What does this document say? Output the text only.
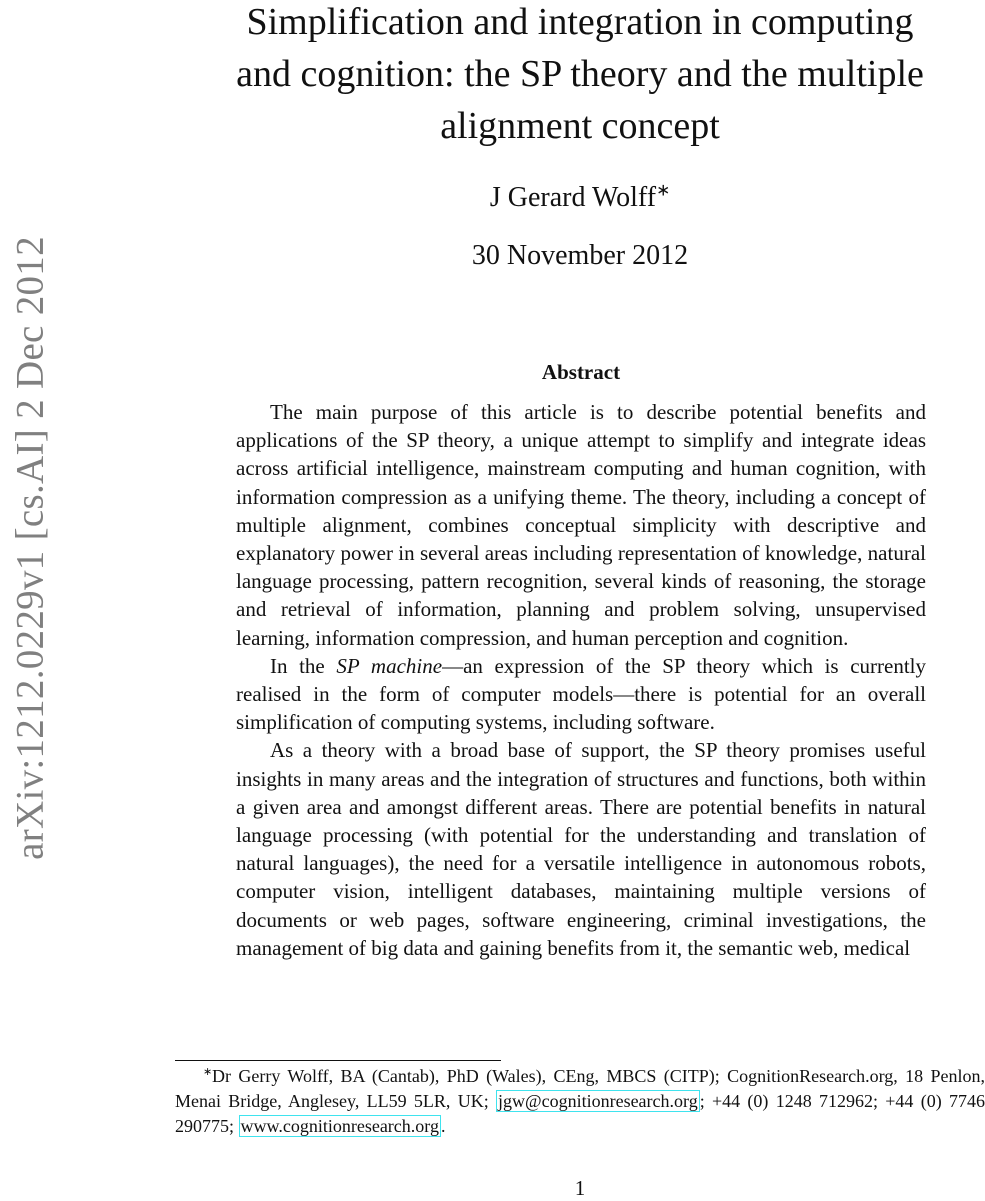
arXiv:1212.0229v1 [cs.AI] 2 Dec 2012
Simplification and integration in computing
and cognition: the SP theory and the multiple
alignment concept
J Gerard Wolff∗
30 November 2012
Abstract

The main purpose of this article is to describe potential benefits and applications of the SP theory, a unique attempt to simplify and integrate ideas across artificial intelligence, mainstream computing and human cognition, with information compression as a unifying theme. The theory, including a concept of multiple alignment, combines conceptual simplicity with descriptive and explanatory power in several areas including representation of knowledge, natural language processing, pattern recognition, several kinds of reasoning, the storage and retrieval of information, planning and problem solving, unsupervised learning, information compression, and human perception and cognition.

In the SP machine—an expression of the SP theory which is currently realised in the form of computer models—there is potential for an overall simplification of computing systems, including software.

As a theory with a broad base of support, the SP theory promises useful insights in many areas and the integration of structures and functions, both within a given area and amongst different areas. There are potential benefits in natural language processing (with potential for the understanding and translation of natural languages), the need for a versatile intelligence in autonomous robots, computer vision, intelligent databases, maintaining multiple versions of documents or web pages, software engineering, criminal investigations, the management of big data and gaining benefits from it, the semantic web, medical

∗Dr Gerry Wolff, BA (Cantab), PhD (Wales), CEng, MBCS (CITP); CognitionResearch.org, 18 Penlon, Menai Bridge, Anglesey, LL59 5LR, UK; jgw@cognitionresearch.org ; +44 (0) 1248 712962; +44 (0) 7746 290775; www.cognitionresearch.org .

1
